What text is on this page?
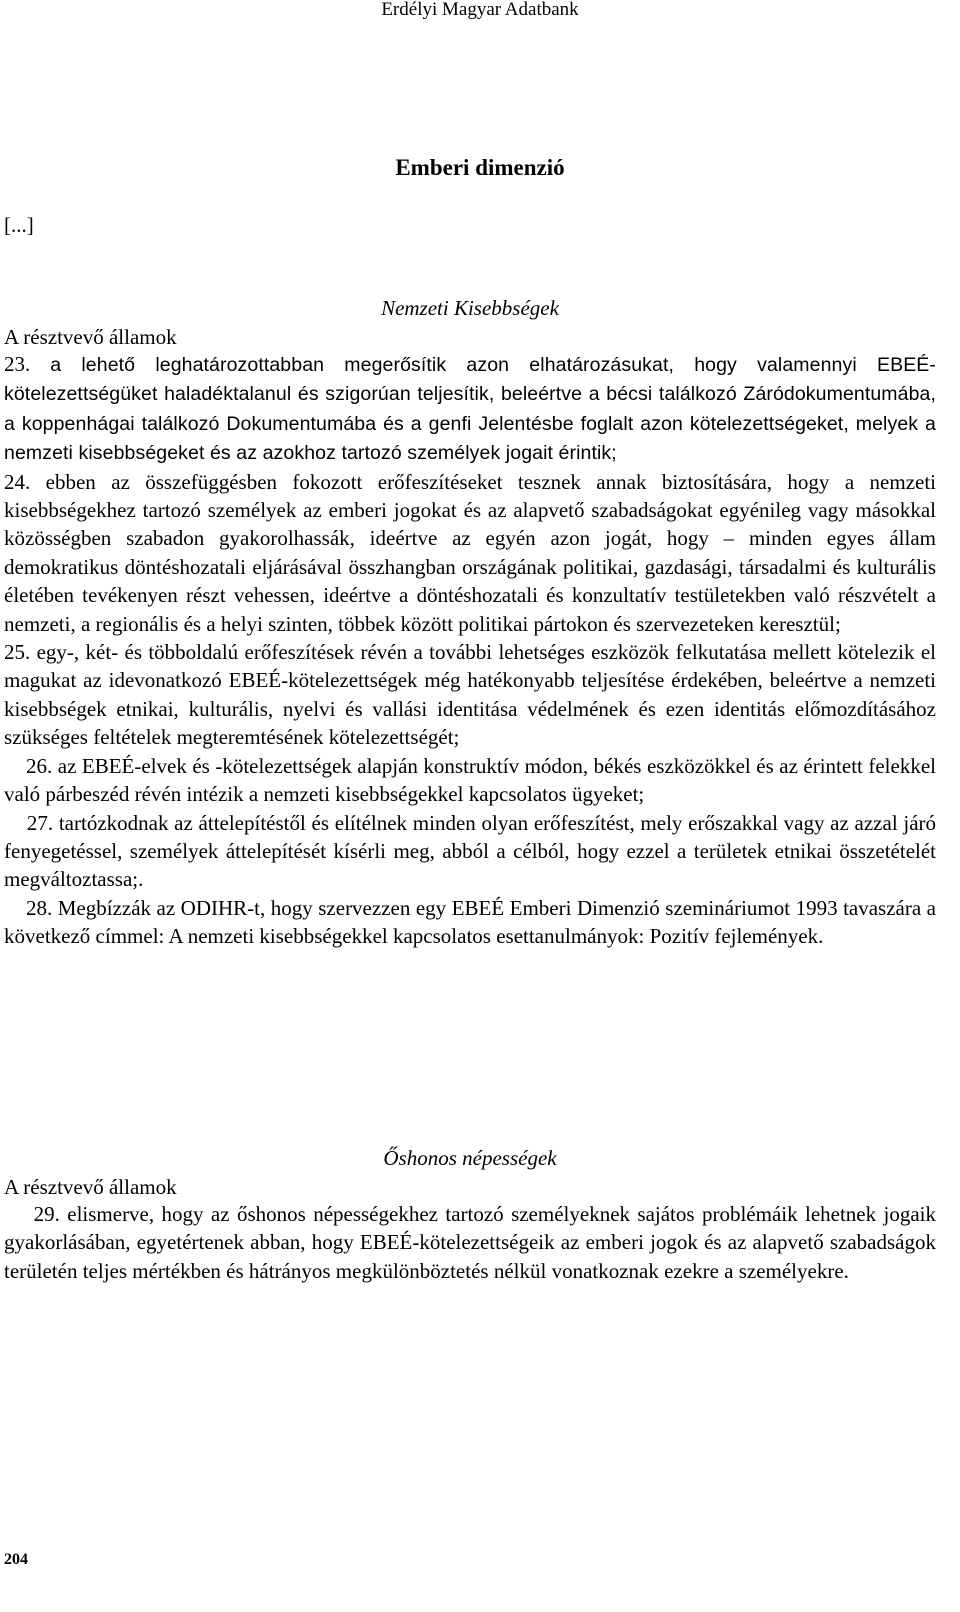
Erdélyi Magyar Adatbank
Emberi dimenzió
[...]
Nemzeti Kisebbségek
A résztvevő államok

23. a lehető leghatározottabban megerősítik azon elhatározásukat, hogy valamennyi EBEÉ- kötelezettségüket haladéktalanul és szigorúan teljesítik, beleértve a bécsi találkozó Záródokumentumába, a koppenhágai találkozó Dokumentumába és a genfi Jelentésbe foglalt azon kötelezettségeket, melyek a nemzeti kisebbségeket és az azokhoz tartozó személyek jogait érintik;

24. ebben az összefüggésben fokozott erőfeszítéseket tesznek annak biztosítására, hogy a nemzeti kisebbségekhez tartozó személyek az emberi jogokat és az alapvető szabadságokat egyénileg vagy másokkal közösségben szabadon gyakorolhassák, ideértve az egyén azon jogát, hogy – minden egyes állam demokratikus döntéshozatali eljárásával összhangban országának politikai, gazdasági, társadalmi és kulturális életében tevékenyen részt vehessen, ideértve a döntéshozatali és konzultatív testületekben való részvételt a nemzeti, a regionális és a helyi szinten, többek között politikai pártokon és szervezeteken keresztül;

25. egy-, két- és többoldalú erőfeszítések révén a további lehetséges eszközök felkutatása mellett kötelezik el magukat az idevonatkozó EBEÉ-kötelezettségek még hatékonyabb teljesítése érdekében, beleértve a nemzeti kisebbségek etnikai, kulturális, nyelvi és vallási identitása védelmének és ezen identitás előmozdításához szükséges feltételek megteremtésének kötelezettségét;

26. az EBEÉ-elvek és -kötelezettségek alapján konstruktív módon, békés eszközökkel és az érintett felekkel való párbeszéd révén intézik a nemzeti kisebbségekkel kapcsolatos ügyeket;

27. tartózkodnak az áttelepítéstől és elítélnek minden olyan erőfeszítést, mely erőszakkal vagy az azzal járó fenyegetéssel, személyek áttelepítését kísérli meg, abból a célból, hogy ezzel a területek etnikai összetételét megváltoztassa;.

28. Megbízzák az ODIHR-t, hogy szervezzen egy EBEÉ Emberi Dimenzió szemináriumot 1993 tavaszára a következő címmel: A nemzeti kisebbségekkel kapcsolatos esettanulmányok: Pozitív fejlemények.

Őshonos népességek
A résztvevő államok

29. elismerve, hogy az őshonos népességekhez tartozó személyeknek sajátos problémáik lehetnek jogaik gyakorlásában, egyetértenek abban, hogy EBEÉ-kötelezettségeik az emberi jogok és az alapvető szabadságok területén teljes mértékben és hátrányos megkülönböztetés nélkül vonatkoznak ezekre a személyekre.

204
